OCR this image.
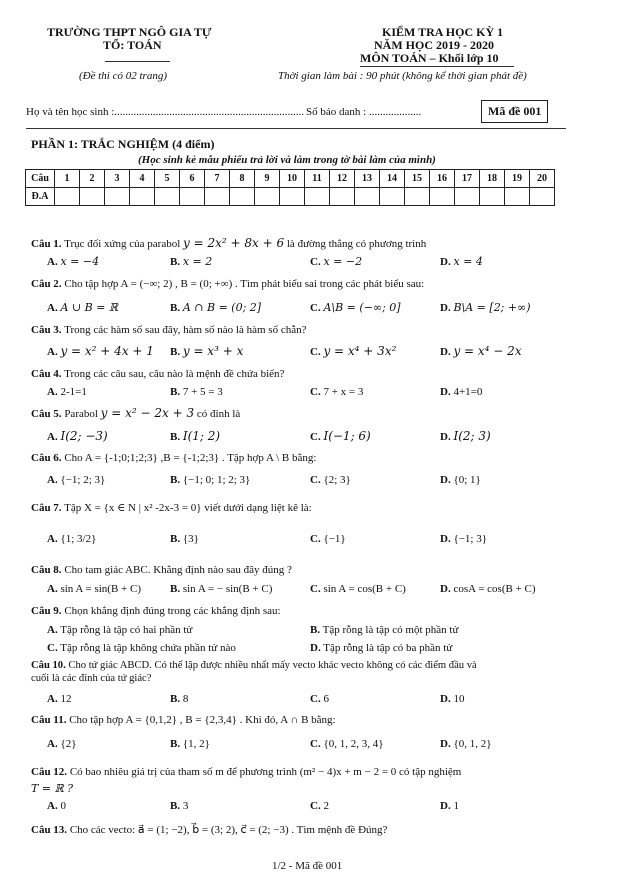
TRƯỜNG THPT NGÔ GIA TỰ
TỔ: TOÁN
(Đề thi có 02 trang)
KIỂM TRA HỌC KỲ 1
NĂM HỌC 2019 - 2020
MÔN TOÁN – Khối lớp 10
Thời gian làm bài : 90 phút (không kể thời gian phát đề)
Họ và tên học sinh :..................................................................... Số báo danh : ...................	Mã đề 001
PHẦN 1: TRẮC NGHIỆM (4 điểm)
(Học sinh kẻ mẫu phiếu trả lời và làm trong tờ bài làm của mình)
Câu	1	2	3	4	5	6	7	8	9	10	11	12	13	14	15	16	17	18	19	20
Đ.A																				
Câu 1. Trục đối xứng của parabol y = 2x² + 8x + 6 là đường thẳng có phương trình
A. x = −4	B. x = 2	C. x = −2	D. x = 4
Câu 2. Cho tập hợp A = (−∞; 2) , B = (0; +∞) . Tìm phát biểu sai trong các phát biểu sau:
A. A ∪ B = ℝ	B. A ∩ B = (0; 2]	C. A\B = (−∞; 0]	D. B\A = [2; +∞)
Câu 3. Trong các hàm số sau đây, hàm số nào là hàm số chẵn?
A. y = x² + 4x + 1 B. y = x³ + x	C. y = x⁴ + 3x²	D. y = x⁴ − 2x
Câu 4. Trong các câu sau, câu nào là mệnh đề chứa biến?
A. 2-1=1	B. 7 + 5 = 3	C. 7 + x = 3	D. 4+1=0
Câu 5. Parabol y = x² − 2x + 3 có đỉnh là
A. I(2; −3)	B. I(1; 2)	C. I(−1; 6)	D. I(2; 3)
Câu 6. Cho A = {-1;0;1;2;3} ,B = {-1;2;3} . Tập hợp A \ B bằng:
A. {−1; 2; 3}	B. {−1; 0; 1; 2; 3}	C. {2; 3}	D. {0; 1}
Câu 7. Tập X = {x ∈ N | x² -2x-3 = 0} viết dưới dạng liệt kê là:
A. {1; 3/2}	B. {3}	C. {−1}	D. {−1; 3}
Câu 8. Cho tam giác ABC. Khẳng định nào sau đây đúng ?
A. sin A = sin(B + C)	B. sin A = − sin(B + C)	C. sin A = cos(B + C)	D. cosA = cos(B + C)
Câu 9. Chọn khẳng định đúng trong các khẳng định sau:
A. Tập rỗng là tập có hai phần tử	B. Tập rỗng là tập có một phần tử
C. Tập rỗng là tập không chứa phần tử nào	D. Tập rỗng là tập có ba phần tử
Câu 10. Cho tứ giác ABCD. Có thể lập được nhiều nhất mấy vecto khác vecto không có các điểm đầu và
cuối là các đỉnh của tứ giác?
A. 12	B. 8	C. 6	D. 10
Câu 11. Cho tập hợp A = {0,1,2} , B = {2,3,4} . Khi đó, A ∩ B bằng:
A. {2}	B. {1, 2}	C. {0, 1, 2, 3, 4}	D. {0, 1, 2}
Câu 12. Có bao nhiêu giá trị của tham số m để phương trình (m² − 4)x + m − 2 = 0 có tập nghiệm
T = ℝ ?
A. 0	B. 3	C. 2	D. 1
Câu 13. Cho các vecto: a⃗ = (1; −2), b⃗ = (3; 2), c⃗ = (2; −3) . Tìm mệnh đề Đúng?
1/2 - Mã đề 001
